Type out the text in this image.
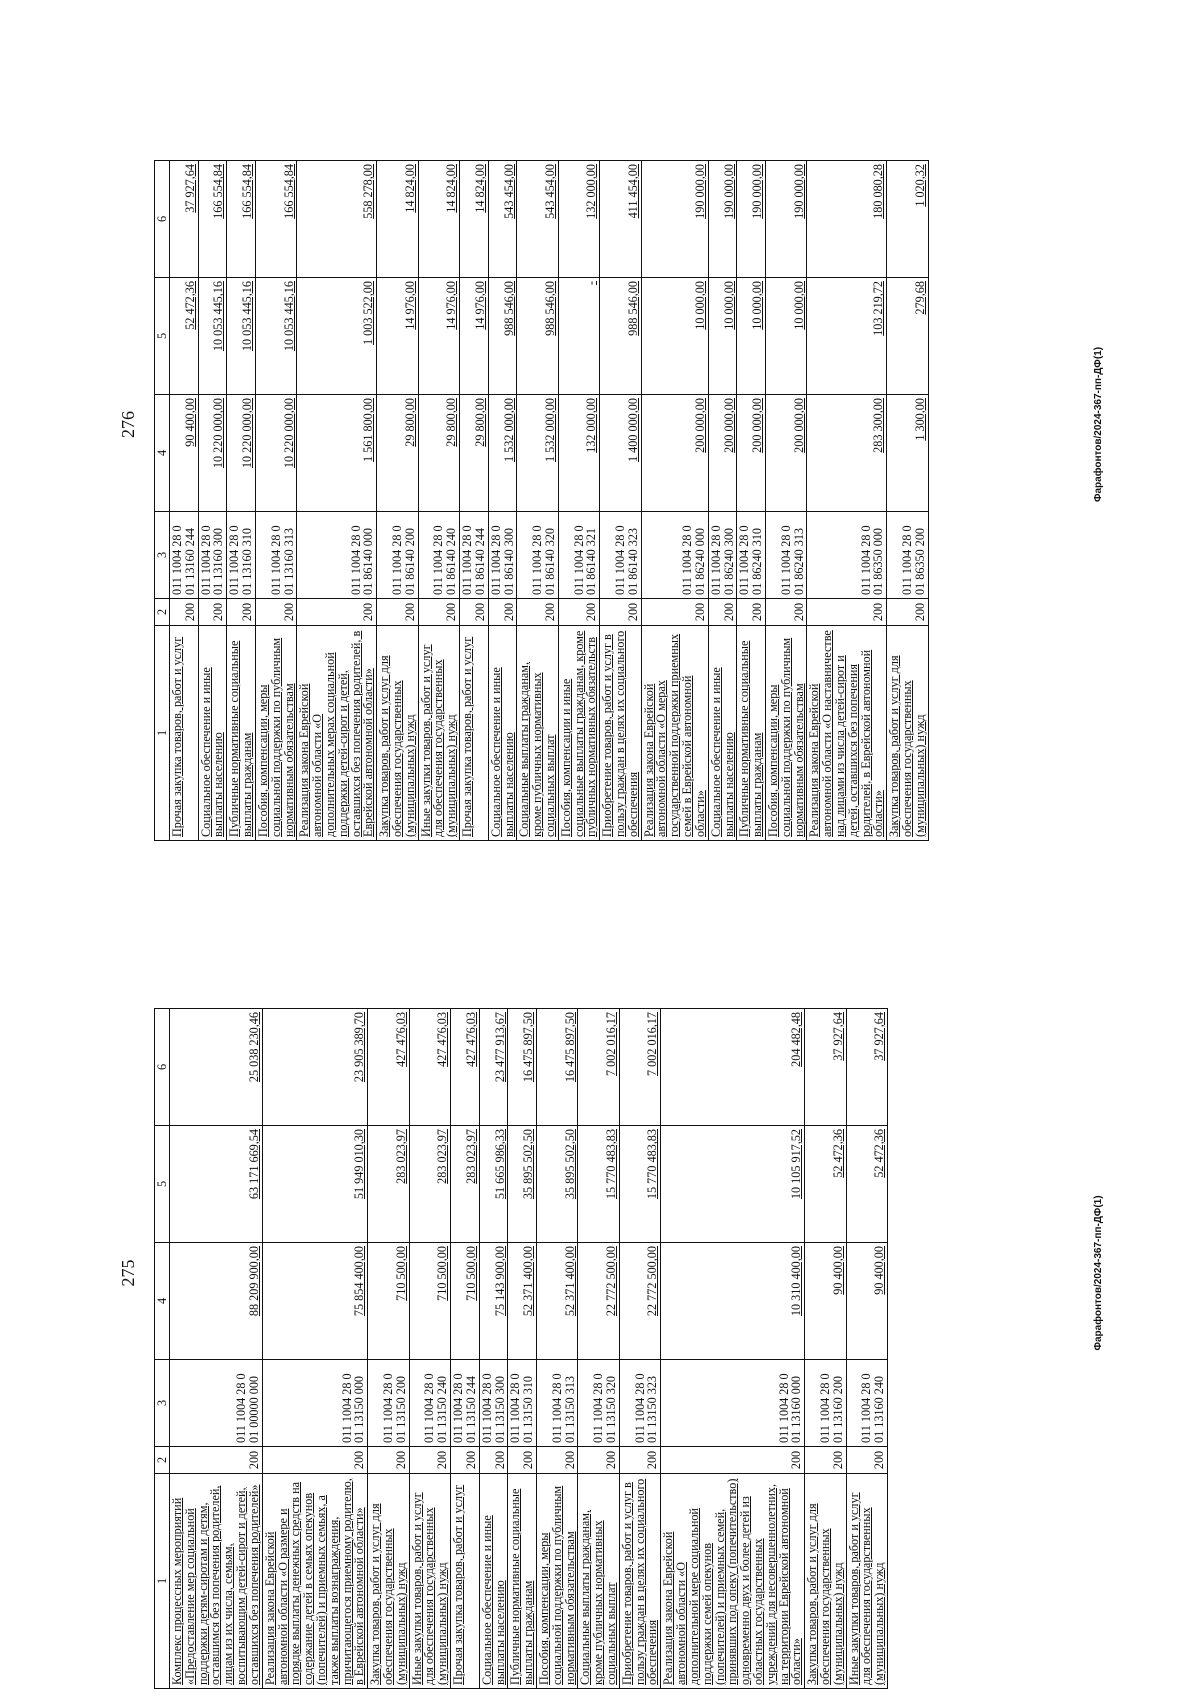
275
1	2	3	4	5	6
Комплекс процессных мероприятий «Предоставление мер социальной поддержки детям-сиротам и детям, оставшимся без попечения родителей, лицам из их числа, семьям, воспитывающим детей-сирот и детей, оставшихся без попечения родителей»	200	011 1004 28 0 01 00000 000	88 209 900,00	63 171 669,54	25 038 230,46
Реализация закона Еврейской автономной области «О размере и порядке выплаты денежных средств на содержание детей в семьях опекунов (попечителей) и приемных семьях, а также выплаты вознаграждения, причитающегося приемному родителю, в Еврейской автономной области»	200	011 1004 28 0 01 13150 000	75 854 400,00	51 949 010,30	23 905 389,70
Закупка товаров, работ и услуг для обеспечения государственных (муниципальных) нужд	200	011 1004 28 0 01 13150 200	710 500,00	283 023,97	427 476,03
Иные закупки товаров, работ и услуг для обеспечения государственных (муниципальных) нужд	200	011 1004 28 0 01 13150 240	710 500,00	283 023,97	427 476,03
Прочая закупка товаров, работ и услуг	200	011 1004 28 0 01 13150 244	710 500,00	283 023,97	427 476,03
Социальное обеспечение и иные выплаты населению	200	011 1004 28 0 01 13150 300	75 143 900,00	51 665 986,33	23 477 913,67
Публичные нормативные социальные выплаты гражданам	200	011 1004 28 0 01 13150 310	52 371 400,00	35 895 502,50	16 475 897,50
Пособия, компенсации, меры социальной поддержки по публичным нормативным обязательствам	200	011 1004 28 0 01 13150 313	52 371 400,00	35 895 502,50	16 475 897,50
Социальные выплаты гражданам, кроме публичных нормативных социальных выплат	200	011 1004 28 0 01 13150 320	22 772 500,00	15 770 483,83	7 002 016,17
Приобретение товаров, работ и услуг в пользу граждан в целях их социального обеспечения	200	011 1004 28 0 01 13150 323	22 772 500,00	15 770 483,83	7 002 016,17
Реализация закона Еврейской автономной области «О дополнительной мере социальной поддержки семей опекунов (попечителей) и приемных семей, принявших под опеку (попечительство) одновременно двух и более детей из областных государственных учреждений для несовершеннолетних, на территории Еврейской автономной области»	200	011 1004 28 0 01 13160 000	10 310 400,00	10 105 917,52	204 482,48
Закупка товаров, работ и услуг для обеспечения государственных (муниципальных) нужд	200	011 1004 28 0 01 13160 200	90 400,00	52 472,36	37 927,64
Иные закупки товаров, работ и услуг для обеспечения государственных (муниципальных) нужд	200	011 1004 28 0 01 13160 240	90 400,00	52 472,36	37 927,64
Фарафонтов/2024-367-пп-ДФ(1)
276
1	2	3	4	5	6
Прочая закупка товаров, работ и услуг	200	011 1004 28 0 01 13160 244	90 400,00	52 472,36	37 927,64
Социальное обеспечение и иные выплаты населению	200	011 1004 28 0 01 13160 300	10 220 000,00	10 053 445,16	166 554,84
Публичные нормативные социальные выплаты гражданам	200	011 1004 28 0 01 13160 310	10 220 000,00	10 053 445,16	166 554,84
Пособия, компенсации, меры социальной поддержки по публичным нормативным обязательствам	200	011 1004 28 0 01 13160 313	10 220 000,00	10 053 445,16	166 554,84
Реализация закона Еврейской автономной области «О дополнительных мерах социальной поддержки детей-сирот и детей, оставшихся без попечения родителей, в Еврейской автономной области»	200	011 1004 28 0 01 86140 000	1 561 800,00	1 003 522,00	558 278,00
Закупка товаров, работ и услуг для обеспечения государственных (муниципальных) нужд	200	011 1004 28 0 01 86140 200	29 800,00	14 976,00	14 824,00
Иные закупки товаров, работ и услуг для обеспечения государственных (муниципальных) нужд	200	011 1004 28 0 01 86140 240	29 800,00	14 976,00	14 824,00
Прочая закупка товаров, работ и услуг	200	011 1004 28 0 01 86140 244	29 800,00	14 976,00	14 824,00
Социальное обеспечение и иные выплаты населению	200	011 1004 28 0 01 86140 300	1 532 000,00	988 546,00	543 454,00
Социальные выплаты гражданам, кроме публичных нормативных социальных выплат	200	011 1004 28 0 01 86140 320	1 532 000,00	988 546,00	543 454,00
Пособия, компенсации и иные социальные выплаты гражданам, кроме публичных нормативных обязательств	200	011 1004 28 0 01 86140 321	132 000,00	-	132 000,00
Приобретение товаров, работ и услуг в пользу граждан в целях их социального обеспечения	200	011 1004 28 0 01 86140 323	1 400 000,00	988 546,00	411 454,00
Реализация закона Еврейской автономной области «О мерах государственной поддержки приемных семей в Еврейской автономной области»	200	011 1004 28 0 01 86240 000	200 000,00	10 000,00	190 000,00
Социальное обеспечение и иные выплаты населению	200	011 1004 28 0 01 86240 300	200 000,00	10 000,00	190 000,00
Публичные нормативные социальные выплаты гражданам	200	011 1004 28 0 01 86240 310	200 000,00	10 000,00	190 000,00
Пособия, компенсации, меры социальной поддержки по публичным нормативным обязательствам	200	011 1004 28 0 01 86240 313	200 000,00	10 000,00	190 000,00
Реализация закона Еврейской автономной области «О наставничестве над лицами из числа детей-сирот и детей, оставшихся без попечения родителей, в Еврейской автономной области»	200	011 1004 28 0 01 86350 000	283 300,00	103 219,72	180 080,28
Закупка товаров, работ и услуг для обеспечения государственных (муниципальных) нужд	200	011 1004 28 0 01 86350 200	1 300,00	279,68	1 020,32
Фарафонтов/2024-367-пп-ДФ(1)
